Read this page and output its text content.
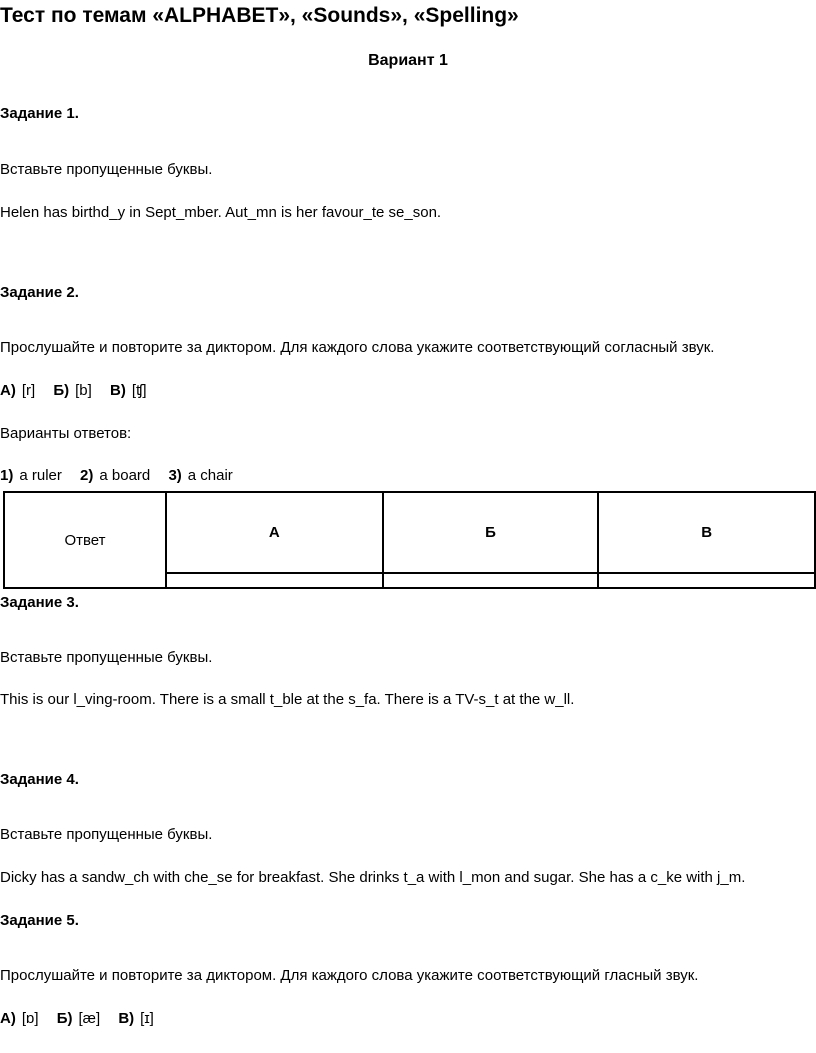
Тест по темам «ALPHABET», «Sounds», «Spelling»
Вариант 1
Задание 1.
Вставьте пропущенные буквы.
Helen has birthd_y in Sept_mber. Aut_mn is her favour_te se_son.
Задание 2.
Прослушайте и повторите за диктором. Для каждого слова укажите соответствующий согласный звук.
А) [r] Б) [b] В) [ʧ]
Варианты ответов:
1) a ruler 2) a board 3) a chair
Ответ	А	Б	В

Задание 3.
Вставьте пропущенные буквы.
This is our l_ving-room. There is a small t_ble at the s_fa. There is a TV-s_t at the w_ll.
Задание 4.
Вставьте пропущенные буквы.
Dicky has a sandw_ch with che_se for breakfast. She drinks t_a with l_mon and sugar. She has a c_ke with j_m.
Задание 5.
Прослушайте и повторите за диктором. Для каждого слова укажите соответствующий гласный звук.
А) [ɒ] Б) [æ] В) [ɪ]
